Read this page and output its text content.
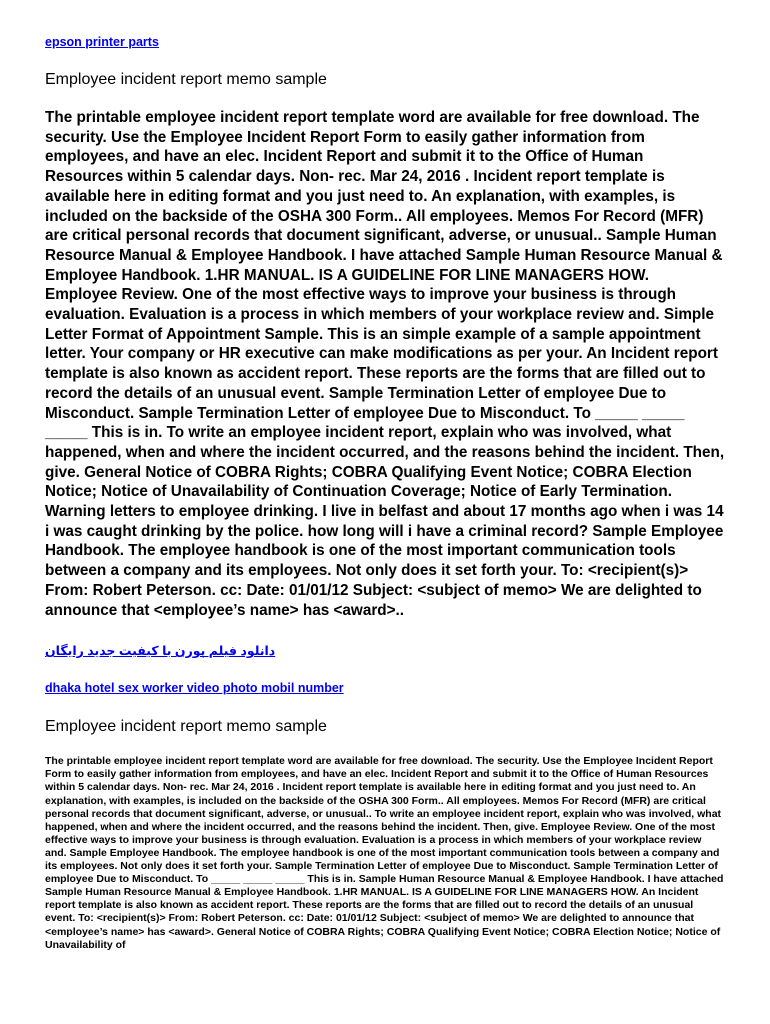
epson printer parts
Employee incident report memo sample

The printable employee incident report template word are available for free download. The security. Use the Employee Incident Report Form to easily gather information from employees, and have an elec. Incident Report and submit it to the Office of Human Resources within 5 calendar days. Non- rec. Mar 24, 2016 . Incident report template is available here in editing format and you just need to. An explanation, with examples, is included on the backside of the OSHA 300 Form.. All employees. Memos For Record (MFR) are critical personal records that document significant, adverse, or unusual.. Sample Human Resource Manual & Employee Handbook. I have attached Sample Human Resource Manual & Employee Handbook. 1.HR MANUAL. IS A GUIDELINE FOR LINE MANAGERS HOW. Employee Review. One of the most effective ways to improve your business is through evaluation. Evaluation is a process in which members of your workplace review and. Simple Letter Format of Appointment Sample. This is an simple example of a sample appointment letter. Your company or HR executive can make modifications as per your. An Incident report template is also known as accident report. These reports are the forms that are filled out to record the details of an unusual event. Sample Termination Letter of employee Due to Misconduct. Sample Termination Letter of employee Due to Misconduct. To _____ _____ _____ This is in. To write an employee incident report, explain who was involved, what happened, when and where the incident occurred, and the reasons behind the incident. Then, give. General Notice of COBRA Rights; COBRA Qualifying Event Notice; COBRA Election Notice; Notice of Unavailability of Continuation Coverage; Notice of Early Termination. Warning letters to employee drinking. I live in belfast and about 17 months ago when i was 14 i was caught drinking by the police. how long will i have a criminal record? Sample Employee Handbook. The employee handbook is one of the most important communication tools between a company and its employees. Not only does it set forth your. To: <recipient(s)> From: Robert Peterson. cc: Date: 01/01/12 Subject: <subject of memo> We are delighted to announce that <employee’s name> has <award>..

دانلود فیلم پورن با کیفیت جدید رایگان
dhaka hotel sex worker video photo mobil number
Employee incident report memo sample

The printable employee incident report template word are available for free download. The security. Use the Employee Incident Report Form to easily gather information from employees, and have an elec. Incident Report and submit it to the Office of Human Resources within 5 calendar days. Non- rec. Mar 24, 2016 . Incident report template is available here in editing format and you just need to. An explanation, with examples, is included on the backside of the OSHA 300 Form.. All employees. Memos For Record (MFR) are critical personal records that document significant, adverse, or unusual.. To write an employee incident report, explain who was involved, what happened, when and where the incident occurred, and the reasons behind the incident. Then, give. Employee Review. One of the most effective ways to improve your business is through evaluation. Evaluation is a process in which members of your workplace review and. Sample Employee Handbook. The employee handbook is one of the most important communication tools between a company and its employees. Not only does it set forth your. Sample Termination Letter of employee Due to Misconduct. Sample Termination Letter of employee Due to Misconduct. To _____ _____ _____ This is in. Sample Human Resource Manual & Employee Handbook. I have attached Sample Human Resource Manual & Employee Handbook. 1.HR MANUAL. IS A GUIDELINE FOR LINE MANAGERS HOW. An Incident report template is also known as accident report. These reports are the forms that are filled out to record the details of an unusual event. To: <recipient(s)> From: Robert Peterson. cc: Date: 01/01/12 Subject: <subject of memo> We are delighted to announce that <employee’s name> has <award>. General Notice of COBRA Rights; COBRA Qualifying Event Notice; COBRA Election Notice; Notice of Unavailability of
